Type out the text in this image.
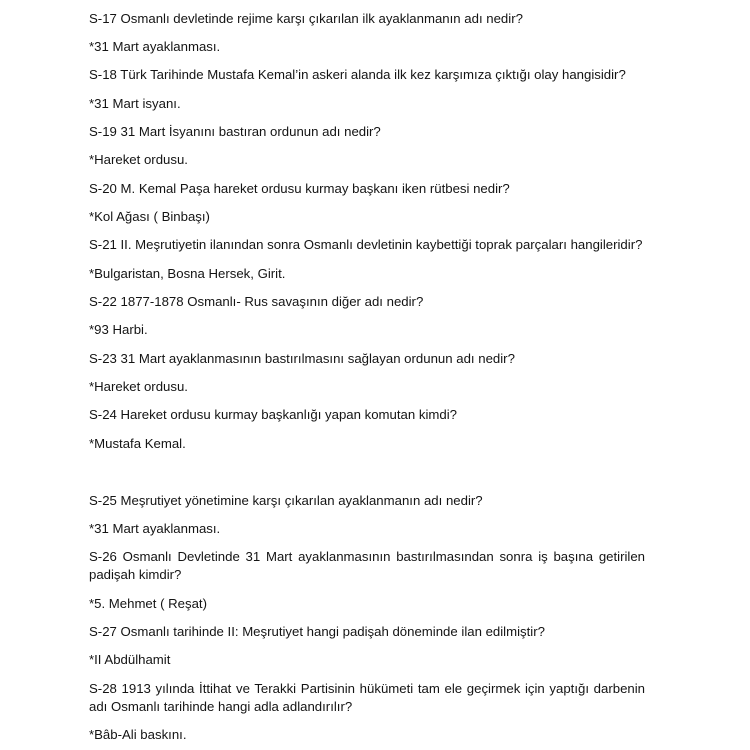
S-17 Osmanlı devletinde rejime karşı çıkarılan ilk ayaklanmanın adı nedir?
*31 Mart ayaklanması.
S-18 Türk Tarihinde Mustafa Kemal’in askeri alanda ilk kez karşımıza çıktığı olay hangisidir?
*31 Mart isyanı.
S-19 31 Mart İsyanını bastıran ordunun adı nedir?
*Hareket ordusu.
S-20 M. Kemal Paşa hareket ordusu kurmay başkanı iken rütbesi nedir?
*Kol Ağası ( Binbaşı)
S-21 II. Meşrutiyetin ilanından sonra Osmanlı devletinin kaybettiği toprak parçaları hangileridir?
*Bulgaristan, Bosna Hersek, Girit.
S-22 1877-1878 Osmanlı- Rus savaşının diğer adı nedir?
*93 Harbi.
S-23 31 Mart ayaklanmasının bastırılmasını sağlayan ordunun adı nedir?
*Hareket ordusu.
S-24 Hareket ordusu kurmay başkanlığı yapan komutan kimdi?
*Mustafa Kemal.
S-25 Meşrutiyet yönetimine karşı çıkarılan ayaklanmanın adı nedir?
*31 Mart ayaklanması.
S-26 Osmanlı Devletinde 31 Mart ayaklanmasının bastırılmasından sonra iş başına getirilen padişah kimdir?
*5. Mehmet ( Reşat)
S-27 Osmanlı tarihinde II: Meşrutiyet hangi padişah döneminde ilan edilmiştir?
*II Abdülhamit
S-28 1913 yılında İttihat ve Terakki Partisinin hükümeti tam ele geçirmek için yaptığı darbenin adı Osmanlı tarihinde hangi adla adlandırılır?
*Bâb-Ali baskını.
